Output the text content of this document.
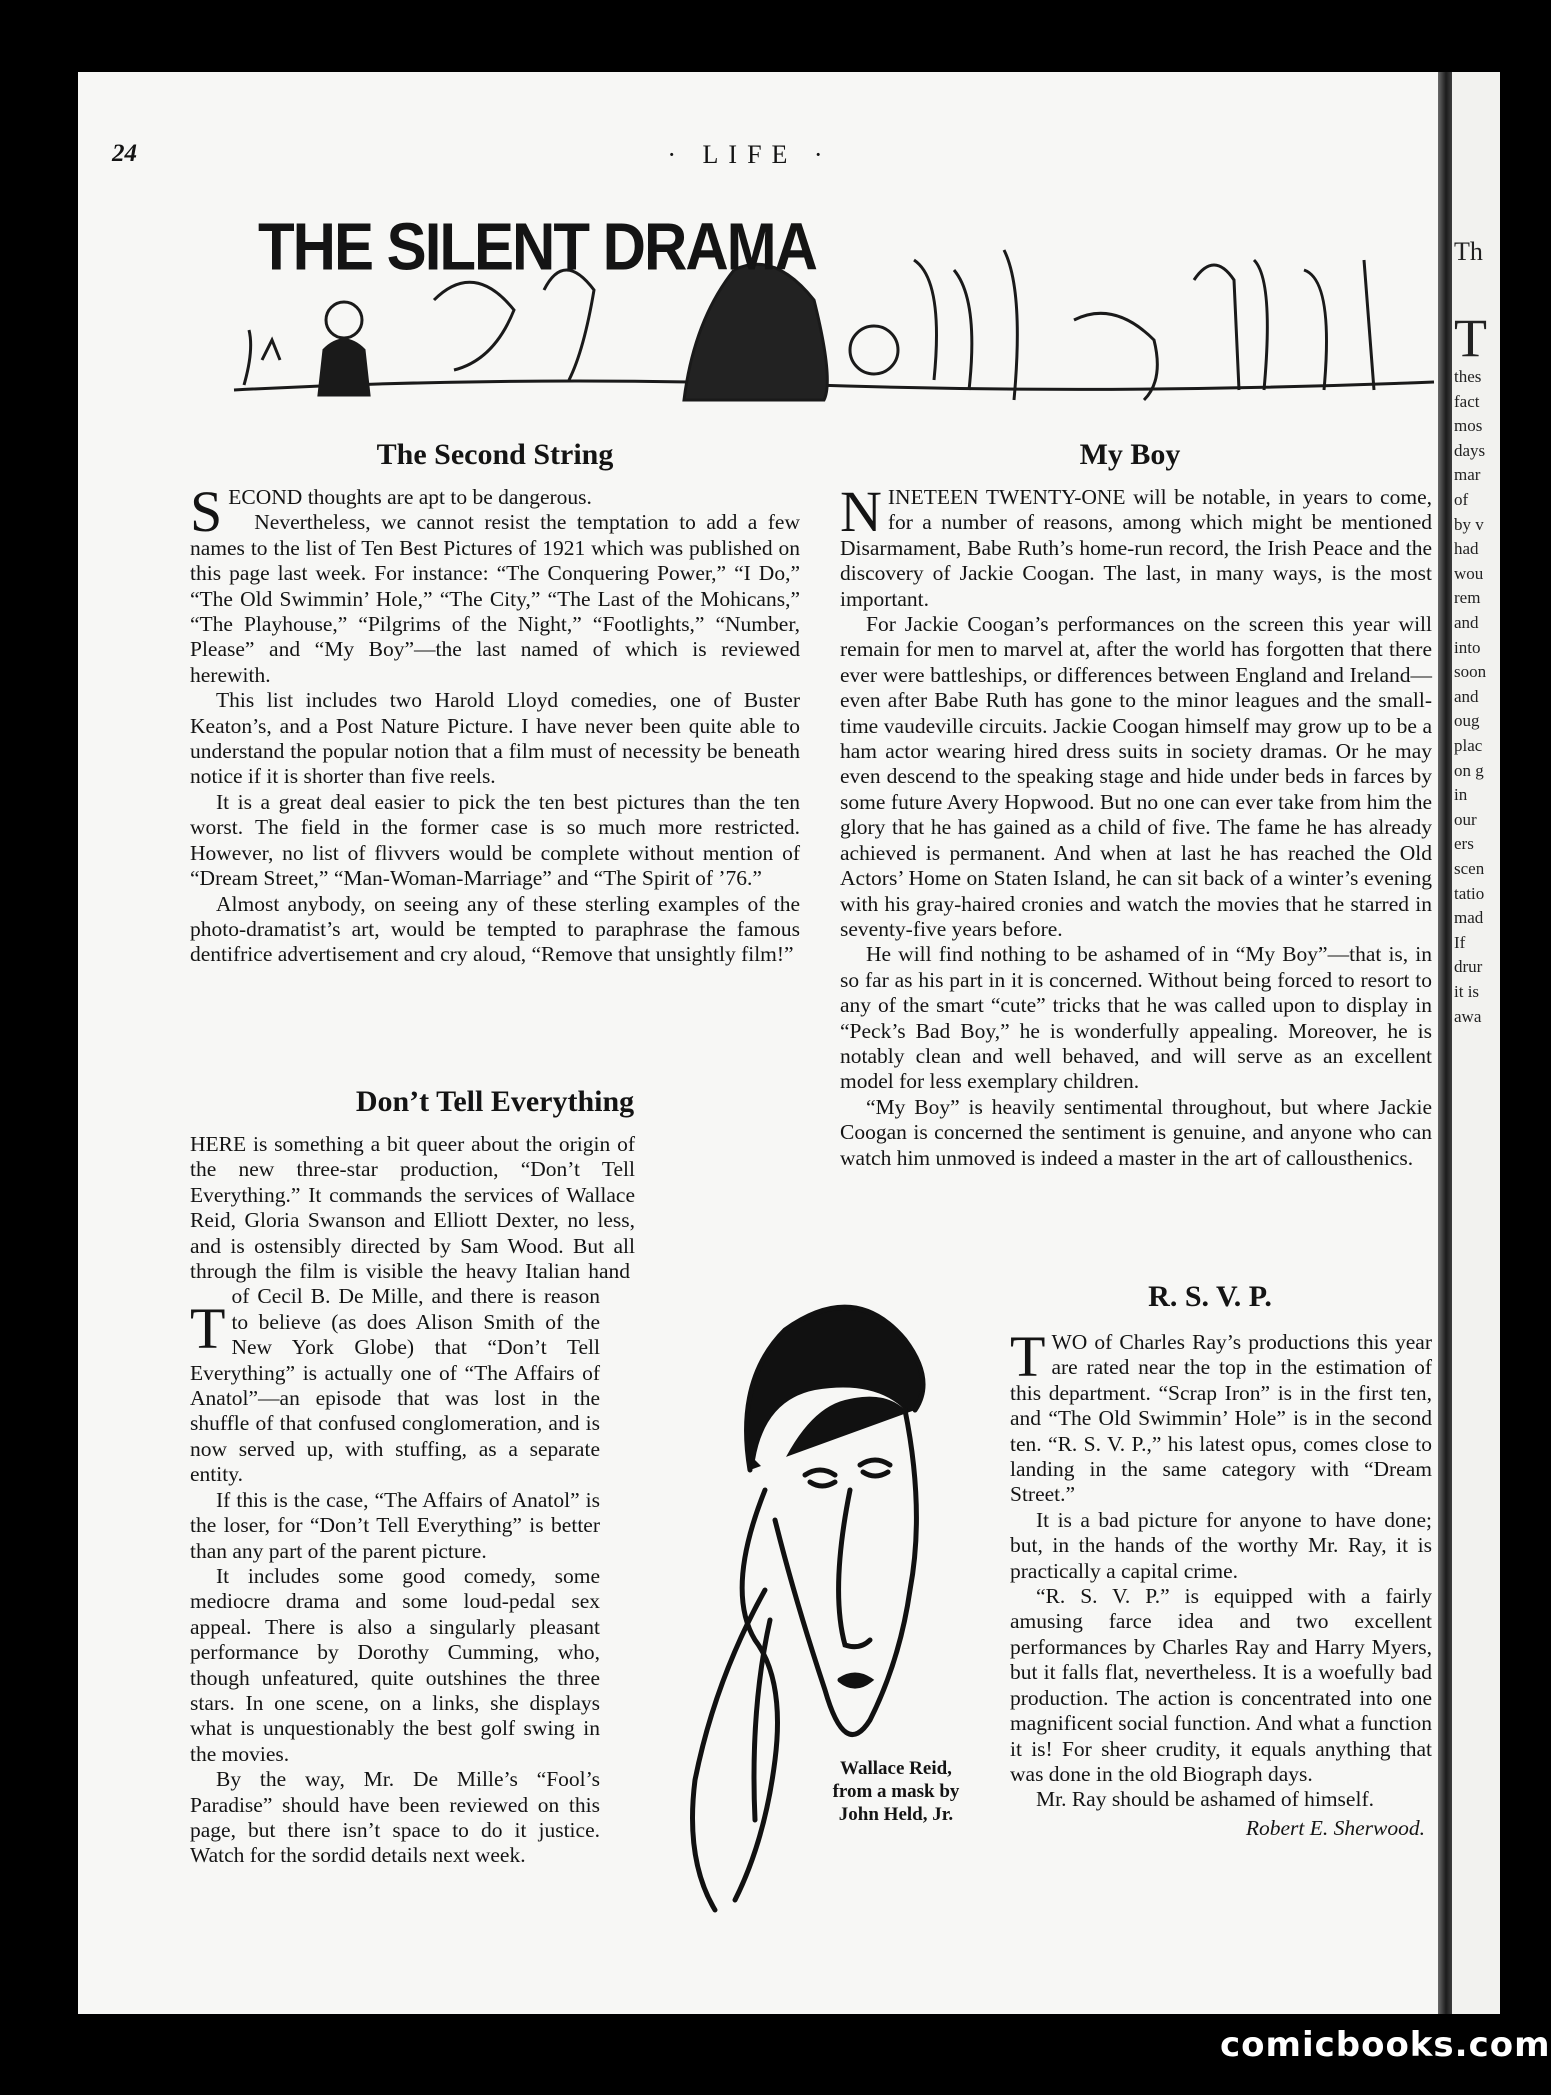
Th
T
thes
fact
mos
days
mar
of
by v
had
wou
rem
and
into
soon
and
oug
plac
on g
in
our
ers
scen
tatio
mad
If
drur
it is
awa
24	· LIFE ·
THE SILENT DRAMA
The Second String

SECOND thoughts are apt to be dangerous.

Nevertheless, we cannot resist the temptation to add a few names to the list of Ten Best Pictures of 1921 which was published on this page last week. For instance: “The Conquering Power,” “I Do,” “The Old Swimmin’ Hole,” “The City,” “The Last of the Mohicans,” “The Playhouse,” “Pilgrims of the Night,” “Footlights,” “Number, Please” and “My Boy”—the last named of which is reviewed herewith.

This list includes two Harold Lloyd comedies, one of Buster Keaton’s, and a Post Nature Picture. I have never been quite able to understand the popular notion that a film must of necessity be beneath notice if it is shorter than five reels.

It is a great deal easier to pick the ten best pictures than the ten worst. The field in the former case is so much more restricted. However, no list of flivvers would be complete without mention of “Dream Street,” “Man-Woman-Marriage” and “The Spirit of ’76.”

Almost anybody, on seeing any of these sterling examples of the photo-dramatist’s art, would be tempted to paraphrase the famous dentifrice advertisement and cry aloud, “Remove that unsightly film!”

Don’t Tell Everything

T
HERE is something a bit queer about the origin of the new three-star production, “Don’t Tell Everything.” It commands the services of Wallace Reid, Gloria Swanson and Elliott Dexter, no less, and is ostensibly directed by Sam Wood. But all through the film is visible the heavy Italian hand of Cecil B. De Mille, and there is reason to believe (as does Alison Smith of the New York Globe) that “Don’t Tell Everything” is actually one of “The Affairs of Anatol”—an episode that was lost in the shuffle of that confused conglomeration, and is now served up, with stuffing, as a separate entity.

If this is the case, “The Affairs of Anatol” is the loser, for “Don’t Tell Everything” is better than any part of the parent picture.

It includes some good comedy, some mediocre drama and some loud-pedal sex appeal. There is also a singularly pleasant performance by Dorothy Cumming, who, though unfeatured, quite outshines the three stars. In one scene, on a links, she displays what is unquestionably the best golf swing in the movies.

By the way, Mr. De Mille’s “Fool’s Paradise” should have been reviewed on this page, but there isn’t space to do it justice. Watch for the sordid details next week.

My Boy

NINETEEN TWENTY-ONE will be notable, in years to come, for a number of reasons, among which might be mentioned Disarmament, Babe Ruth’s home-run record, the Irish Peace and the discovery of Jackie Coogan. The last, in many ways, is the most important.

For Jackie Coogan’s performances on the screen this year will remain for men to marvel at, after the world has forgotten that there ever were battleships, or differences between England and Ireland—even after Babe Ruth has gone to the minor leagues and the small-time vaudeville circuits. Jackie Coogan himself may grow up to be a ham actor wearing hired dress suits in society dramas. Or he may even descend to the speaking stage and hide under beds in farces by some future Avery Hopwood. But no one can ever take from him the glory that he has gained as a child of five. The fame he has already achieved is permanent. And when at last he has reached the Old Actors’ Home on Staten Island, he can sit back of a winter’s evening with his gray-haired cronies and watch the movies that he starred in seventy-five years before.

He will find nothing to be ashamed of in “My Boy”—that is, in so far as his part in it is concerned. Without being forced to resort to any of the smart “cute” tricks that he was called upon to display in “Peck’s Bad Boy,” he is wonderfully appealing. Moreover, he is notably clean and well behaved, and will serve as an excellent model for less exemplary children.

“My Boy” is heavily sentimental throughout, but where Jackie Coogan is concerned the sentiment is genuine, and anyone who can watch him unmoved is indeed a master in the art of callousthenics.

R. S. V. P.

TWO of Charles Ray’s productions this year are rated near the top in the estimation of this department. “Scrap Iron” is in the first ten, and “The Old Swimmin’ Hole” is in the second ten. “R. S. V. P.,” his latest opus, comes close to landing in the same category with “Dream Street.”

It is a bad picture for anyone to have done; but, in the hands of the worthy Mr. Ray, it is practically a capital crime.

“R. S. V. P.” is equipped with a fairly amusing farce idea and two excellent performances by Charles Ray and Harry Myers, but it falls flat, nevertheless. It is a woefully bad production. The action is concentrated into one magnificent social function. And what a function it is! For sheer crudity, it equals anything that was done in the old Biograph days.

Mr. Ray should be ashamed of himself.

Robert E. Sherwood.
Wallace Reid, from a mask by John Held, Jr.
comicbooks.com
